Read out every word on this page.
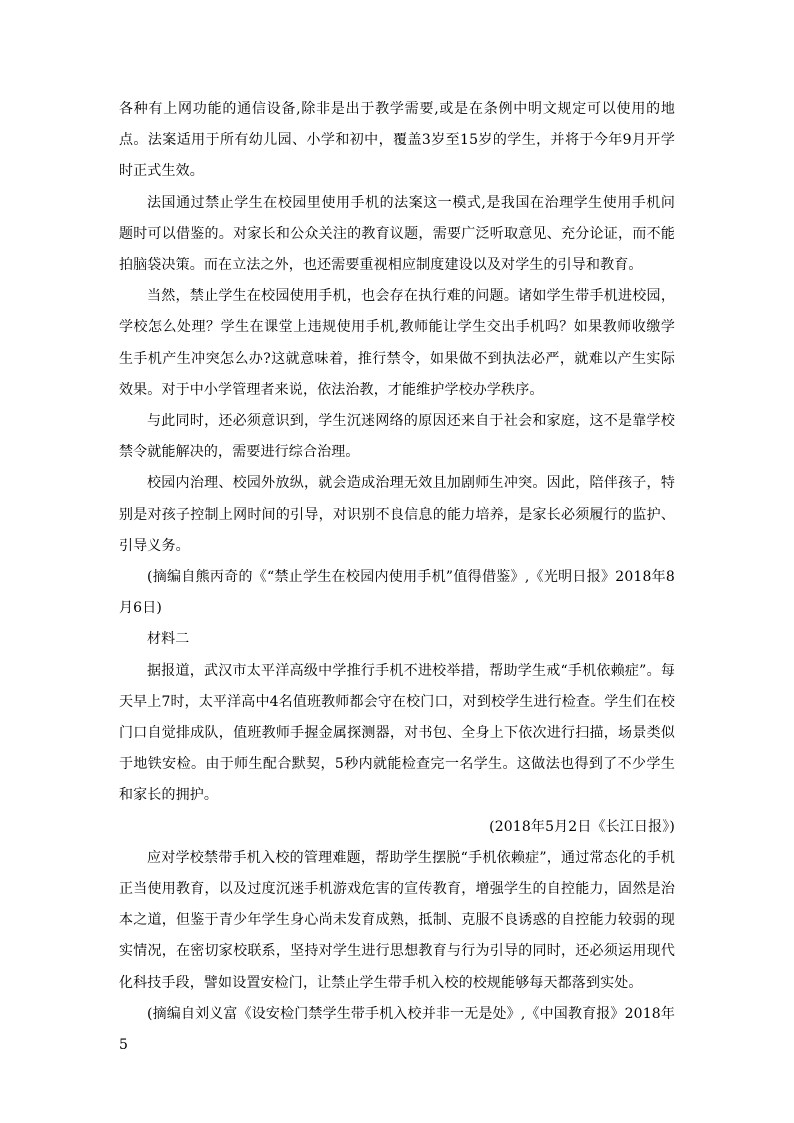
各种有上网功能的通信设备,除非是出于教学需要,或是在条例中明文规定可以使用的地点。法案适用于所有幼儿园、小学和初中，覆盖3岁至15岁的学生，并将于今年9月开学时正式生效。

法国通过禁止学生在校园里使用手机的法案这一模式,是我国在治理学生使用手机问题时可以借鉴的。对家长和公众关注的教育议题，需要广泛听取意见、充分论证，而不能拍脑袋决策。而在立法之外，也还需要重视相应制度建设以及对学生的引导和教育。

当然，禁止学生在校园使用手机，也会存在执行难的问题。诸如学生带手机进校园，学校怎么处理？学生在课堂上违规使用手机,教师能让学生交出手机吗？如果教师收缴学生手机产生冲突怎么办?这就意味着，推行禁令，如果做不到执法必严，就难以产生实际效果。对于中小学管理者来说，依法治教，才能维护学校办学秩序。

与此同时，还必须意识到，学生沉迷网络的原因还来自于社会和家庭，这不是靠学校禁令就能解决的，需要进行综合治理。

校园内治理、校园外放纵，就会造成治理无效且加剧师生冲突。因此，陪伴孩子，特别是对孩子控制上网时间的引导，对识别不良信息的能力培养，是家长必须履行的监护、引导义务。

(摘编自熊丙奇的《“禁止学生在校园内使用手机”值得借鉴》,《光明日报》2018年8月6日)

材料二

据报道，武汉市太平洋高级中学推行手机不进校举措，帮助学生戒“手机依赖症”。每天早上7时，太平洋高中4名值班教师都会守在校门口，对到校学生进行检查。学生们在校门口自觉排成队，值班教师手握金属探测器，对书包、全身上下依次进行扫描，场景类似于地铁安检。由于师生配合默契，5秒内就能检查完一名学生。这做法也得到了不少学生和家长的拥护。

(2018年5月2日《长江日报》)

应对学校禁带手机入校的管理难题，帮助学生摆脱“手机依赖症”，通过常态化的手机正当使用教育，以及过度沉迷手机游戏危害的宣传教育，增强学生的自控能力，固然是治本之道，但鉴于青少年学生身心尚未发育成熟，抵制、克服不良诱惑的自控能力较弱的现实情况，在密切家校联系，坚持对学生进行思想教育与行为引导的同时，还必须运用现代化科技手段，譬如设置安检门，让禁止学生带手机入校的校规能够每天都落到实处。

(摘编自刘义富《设安检门禁学生带手机入校并非一无是处》,《中国教育报》2018年5
